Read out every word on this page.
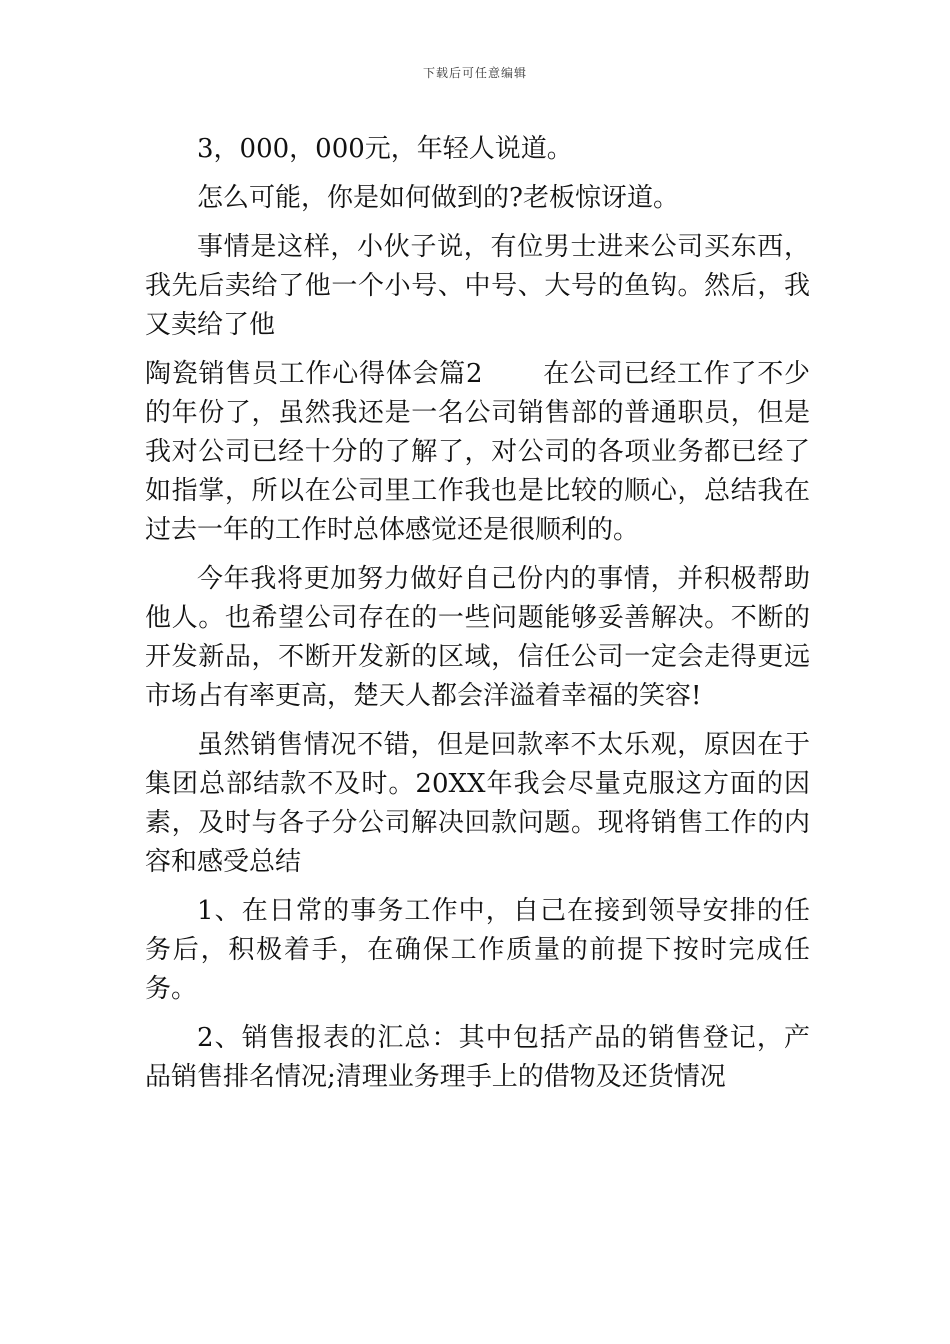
下载后可任意编辑

3，000，000元，年轻人说道。

怎么可能，你是如何做到的?老板惊讶道。

事情是这样，小伙子说，有位男士进来公司买东西，我先后卖给了他一个小号、中号、大号的鱼钩。然后，我又卖给了他

陶瓷销售员工作心得体会篇2 在公司已经工作了不少的年份了，虽然我还是一名公司销售部的普通职员，但是我对公司已经十分的了解了，对公司的各项业务都已经了如指掌，所以在公司里工作我也是比较的顺心，总结我在过去一年的工作时总体感觉还是很顺利的。

今年我将更加努力做好自己份内的事情，并积极帮助他人。也希望公司存在的一些问题能够妥善解决。不断的开发新品，不断开发新的区域，信任公司一定会走得更远市场占有率更高，楚天人都会洋溢着幸福的笑容!

虽然销售情况不错，但是回款率不太乐观，原因在于集团总部结款不及时。20XX年我会尽量克服这方面的因素，及时与各子分公司解决回款问题。现将销售工作的内容和感受总结

1、在日常的事务工作中，自己在接到领导安排的任务后，积极着手，在确保工作质量的前提下按时完成任务。

2、销售报表的汇总：其中包括产品的销售登记，产品销售排名情况;清理业务理手上的借物及还货情况
